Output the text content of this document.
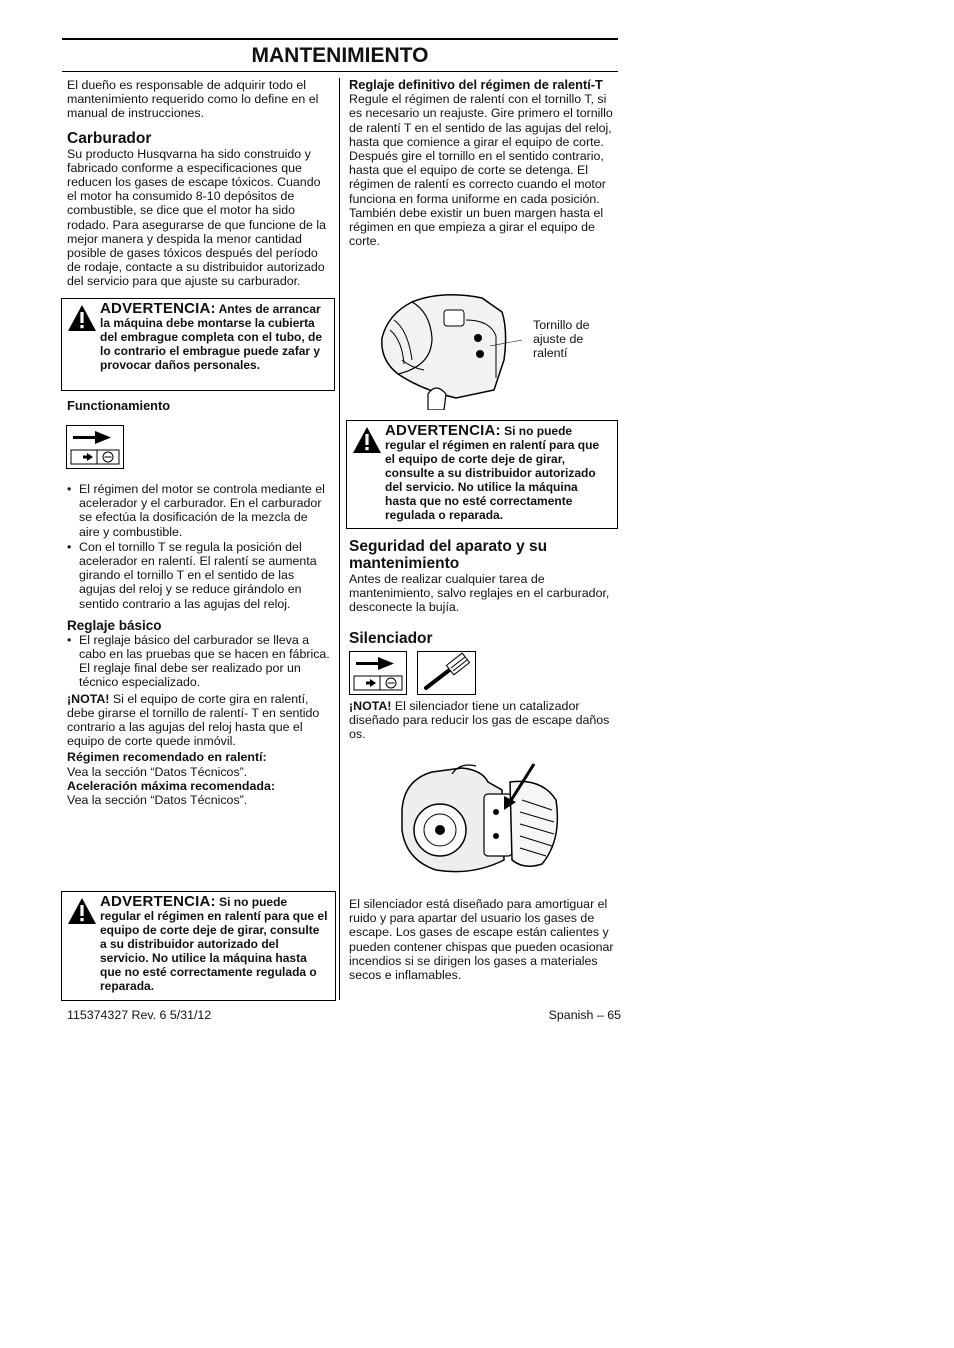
MANTENIMIENTO

El dueño es responsable de adquirir todo el mantenimiento requerido como lo define en el manual de instrucciones.

Carburador

Su producto Husqvarna ha sido construido y fabricado conforme a especificaciones que reducen los gases de escape tóxicos. Cuando el motor ha consumido 8-10 depósitos de combustible, se dice que el motor ha sido rodado. Para asegurarse de que funcione de la mejor manera y despida la menor cantidad posible de gases tóxicos después del período de rodaje, contacte a su distribuidor autorizado del servicio para que ajuste su carburador.

ADVERTENCIA: Antes de arrancar la máquina debe montarse la cubierta del embrague completa con el tubo, de lo contrario el embrague puede zafar y provocar daños personales.
Functionamiento

• El régimen del motor se controla mediante el acelerador y el carburador. En el carburador se efectúa la dosificación de la mezcla de aire y combustible.

• Con el tornillo T se regula la posición del acelerador en ralentí. El ralentí se aumenta girando el tornillo T en el sentido de las agujas del reloj y se reduce girándolo en sentido contrario a las agujas del reloj.

Reglaje básico

• El reglaje básico del carburador se lleva a cabo en las pruebas que se hacen en fábrica. El reglaje final debe ser realizado por un técnico especializado.

¡NOTA! Si el equipo de corte gira en ralentí, debe girarse el tornillo de ralentí- T en sentido contrario a las agujas del reloj hasta que el equipo de corte quede inmóvil.

Régimen recomendado en ralentí:
Vea la sección “Datos Técnicos”.

Aceleración máxima recomendada:
Vea la sección “Datos Técnicos”.

ADVERTENCIA: Si no puede regular el régimen en ralentí para que el equipo de corte deje de girar, consulte a su distribuidor autorizado del servicio. No utilice la máquina hasta que no esté correctamente regulada o reparada.
Reglaje definitivo del régimen de ralentí-T

Regule el régimen de ralentí con el tornillo T, si es necesario un reajuste. Gire primero el tornillo de ralentí T en el sentido de las agujas del reloj, hasta que comience a girar el equipo de corte. Después gire el tornillo en el sentido contrario, hasta que el equipo de corte se detenga. El régimen de ralentí es correcto cuando el motor funciona en forma uniforme en cada posición. También debe existir un buen margen hasta el régimen en que empieza a girar el equipo de corte.

Tornillo de ajuste de ralentí
ADVERTENCIA: Si no puede regular el régimen en ralentí para que el equipo de corte deje de girar, consulte a su distribuidor autorizado del servicio. No utilice la máquina hasta que no esté correctamente regulada o reparada.
Seguridad del aparato y su mantenimiento

Antes de realizar cualquier tarea de mantenimiento, salvo reglajes en el carburador, desconecte la bujía.

Silenciador

¡NOTA! El silenciador tiene un catalizador diseñado para reducir los gas de escape daños os.

El silenciador está diseñado para amortiguar el ruido y para apartar del usuario los gases de escape. Los gases de escape están calientes y pueden contener chispas que pueden ocasionar incendios si se dirigen los gases a materiales secos e inflamables.
115374327 Rev. 6 5/31/12	Spanish – 65
